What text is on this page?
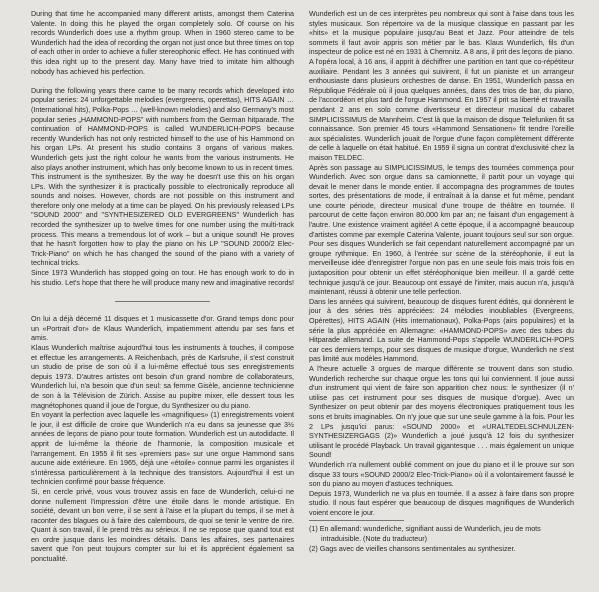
During that time he accompanied many different artists, amongst them Caterina Valente. In doing this he played the organ completely solo. Of course on his records Wunderlich does use a rhythm group. When in 1960 stereo came to be Wunderlich had the idea of recording the organ not just once but three times on top of each other in order to achieve a fuller stereophonic effect. He has continued with this idea right up to the present day. Many have tried to imitate him although nobody has achieved his perfection.

During the following years there came to be many records which developed into popular series: 24 unforgettable melodies (evergreens, operettas), HITS AGAIN … (International hits), Polka-Pops … (well-known melodies) and also Germany's most popular series „HAMMOND-POPS" with numbers from the German hitparade. The continuation of HAMMOND-POPS is called WUNDERLICH-POPS because recently Wunderlich has not only restricted himself to the use of his Hammond on his organ LPs. At present his studio contains 3 organs of various makes. Wunderlich gets just the right colour he wants from the various instruments. He also plays another instrument, which has only become known to us in recent times. This instrument is the synthesizer. By the way he doesn't use this on his organ LPs. With the synthesizer it is practically possible to electronically reproduce all sounds and noises. However, chords are not possible on this instrument and therefore only one melody at a time can be played. On his previously released LPs "SOUND 2000" and "SYNTHESIZERED OLD EVERGREENS" Wunderlich has recorded the synthesizer up to twelve times for one number using the multi-track process. This means a tremendous lot of work – but a unique sound! He proves that he hasn't forgotten how to play the piano on his LP "SOUND 2000/2 Elec-Trick-Piano" on which he has changed the sound of the piano with a variety of technical tricks.

Since 1973 Wunderlich has stopped going on tour. He has enough work to do in his studio. Let's hope that there he will produce many new and imaginative records!

On lui a déjà décerné 11 disques et 1 musicassette d'or. Grand temps donc pour un «Portrait d'or» de Klaus Wunderlich, impatiemment attendu par ses fans et amis.

Klaus Wunderlich maîtrise aujourd'hui tous les instruments à touches, il compose et effectue les arrangements. A Reichenbach, près de Karlsruhe, il s'est construit un studio de prise de son où il a lui-même effectué tous ses enregistrements depuis 1973. D'autres artistes ont besoin d'un grand nombre de collaborateurs, Wunderlich lui, n'a besoin que d'un seul: sa femme Gisèle, ancienne technicienne de son à la Télévision de Zürich. Assise au pupitre mixer, elle dessert tous les magnétophones quand il joue de l'orgue, du Synthesizer ou du piano.

En voyant la perfection avec laquelle les «magnifiques» (1) enregistrements voient le jour, il est difficile de croire que Wunderlich n'a eu dans sa jeunesse que 3½ années de leçons de piano pour toute formation. Wunderlich est un autodidacte. Il apprit de lui-même la théorie de l'harmonie, la composition musicale et l'arrangement. En 1955 il fit ses «premiers pas» sur une orgue Hammond sans aucune aide extérieure. En 1965, déjà une «étoile» connue parmi les organistes il s'intéressa particulièrement à la technique des transistors. Aujourd'hui il est un technicien confirmé pour basse fréquence.

Si, en cercle privé, vous vous trouvez assis en face de Wunderlich, celui-ci ne donne nullement l'impression d'être une étoile dans le monde artistique. En société, devant un bon verre, il se sent à l'aise et la plupart du temps, il se met à raconter des blagues ou à faire des calembours, de quoi se tenir le ventre de rire. Quant à son travail, il le prend très au sérieux. Il ne se repose que quand tout est en ordre jusque dans les moindres détails. Dans les affaires, ses partenaires savent que l'on peut toujours compter sur lui et ils apprécient également sa ponctualité.

Wunderlich est un de ces interprètes peu nombreux qui sont à l'aise dans tous les styles musicaux. Son répertoire va de la musique classique en passant par les «hits» et la musique populaire jusqu'au Beat et Jazz. Pour atteindre de tels sommets il faut avoir appris son métier par le bas. Klaus Wunderlich, fils d'un inspecteur de police est né en 1931 à Chemnitz. A 8 ans, il prit des leçons de piano. A l'opéra local, à 16 ans, il apprit à déchiffrer une partition en tant que co-répétiteur auxiliaire. Pendant les 3 années qui suivirent, il fut un pianiste et un arrangeur enthousiaste dans plusieurs orchestres de danse. En 1951, Wunderlich passa en République Fédérale où il joua quelques années, dans des trios de bar, du piano, de l'accordéon et plus tard de l'orgue Hammond. En 1957 il prit sa liberté et travailla pendant 2 ans en solo comme divertisseur et directeur musical du cabaret SIMPLICISSIMUS de Mannheim. C'est là que la maison de disque Telefunken fit sa connaissance. Son premier 45 tours «Hammond Sensationen» fit tendre l'oreille aux spécialistes. Wunderlich jouait de l'orgue d'une façon complètement différente de celle à laquelle on était habitué. En 1959 il signa un contrat d'exclusivité chez la maison TELDEC.

Après son passage au SIMPLICISSIMUS, le temps des tournées commença pour Wunderlich. Avec son orgue dans sa camionnette, il partit pour un voyage qui devait le mener dans le monde entier. Il accompagna des programmes de toutes sortes, des présentations de mode, il entraînait à la danse et fut même, pendant une courte période, directeur musical d'une troupe de théâtre en tournée. Il parcourut de cette façon environ 80.000 km par an; ne faisant d'un engagement à l'autre. Une existence vraiment agitée! A cette époque, il a accompagné beaucoup d'artistes comme par exemple Caterina Valente, jouant toujours seul sur son orgue. Pour ses disques Wunderlich se fait cependant naturellement accompagné par un groupe rythmique. En 1960, à l'entrée sur scène de la stéréophonie, il eut la merveilleuse idée d'enregistrer l'orgue non pas en une seule fois mais trois fois en juxtaposition pour obtenir un effet stéréophonique bien meilleur. Il a gardé cette technique jusqu'à ce jour. Beaucoup ont essayé de l'imiter, mais aucun n'a, jusqu'à maintenant, réussi à obtenir une telle perfection.

Dans les années qui suivirent, beaucoup de disques furent édités, qui donnèrent le jour à des séries très appréciées: 24 mélodies inoubliables (Evergreens, Opérettes), HITS AGAIN (Hits internationaux), Polka-Pops (airs populaires) et la série la plus appréciée en Allemagne: «HAMMOND-POPS» avec des tubes du Hitparade allemand. La suite de Hammond-Pops s'appelle WUNDERLICH-POPS car ces derniers temps, pour ses disques de musique d'orgue, Wunderlich ne s'est pas limité aux modèles Hammond.

A l'heure actuelle 3 orgues de marque différente se trouvent dans son studio. Wunderlich recherche sur chaque orgue les tons qui lui conviennent. Il joue aussi d'un instrument qui vient de faire son apparition chez nous: le synthesizer (il n' utilise pas cet instrument pour ses disques de musique d'orgue). Avec un Synthesizer on peut obtenir par des moyens électroniques pratiquement tous les sons et bruits imaginables. On n'y joue que sur une seule gamme à la fois. Pour les 2 LPs jusqu'ici parus: «SOUND 2000» et «URALTEDELSCHNULZEN-SYNTHESIZERGAGS (2)» Wunderlich a joué jusqu'à 12 fois du synthesizer utilisant le procédé Playback. Un travail gigantesque . . . mais également un unique Sound!

Wunderlich n'a nullement oublié comment on joue du piano et il le prouve sur son disque 33 tours «SOUND 2000/2 Elec-Trick-Piano» où il a volontairement faussé le son du piano au moyen d'astuces techniques.

Depuis 1973, Wunderlich ne va plus en tournée. Il a assez à faire dans son propre studio. Il nous faut espérer que beaucoup de disques magnifiques de Wunderlich voient encore le jour.

(1) En allemand: wunderliche, signifiant aussi de Wunderlich, jeu de mots intraduisible. (Note du traducteur)

(2) Gags avec de vieilles chansons sentimentales au synthesizer.
